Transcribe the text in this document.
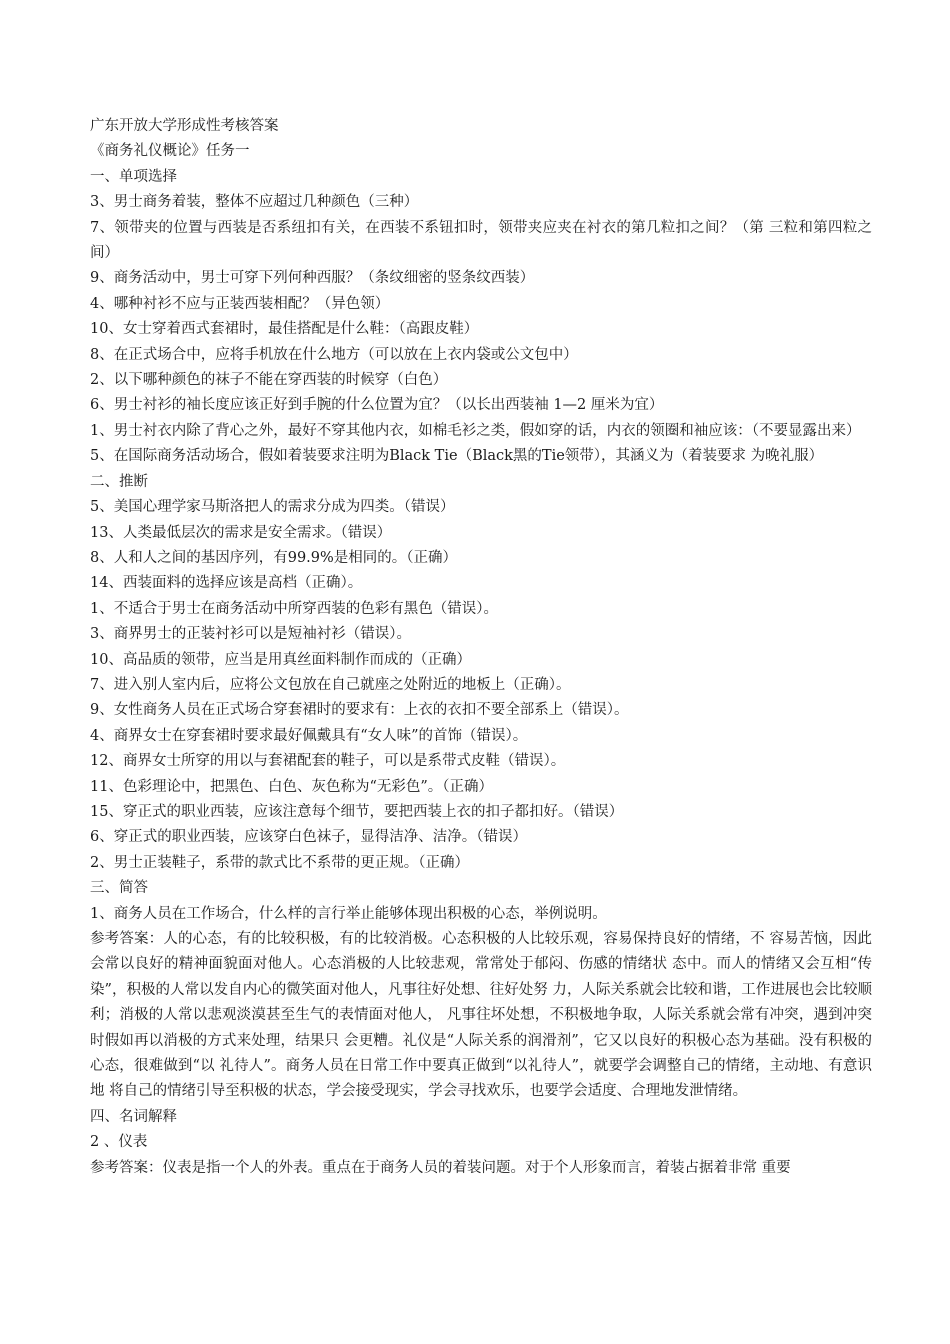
广东开放大学形成性考核答案

《商务礼仪概论》任务一

一、单项选择

3、男士商务着装，整体不应超过几种颜色（三种）

7、领带夹的位置与西装是否系纽扣有关，在西装不系钮扣时，领带夹应夹在衬衣的第几粒扣之间？（第 三粒和第四粒之间）

9、商务活动中，男士可穿下列何种西服？（条纹细密的竖条纹西装）

4、哪种衬衫不应与正装西装相配？（异色领）

10、女士穿着西式套裙时，最佳搭配是什么鞋：（高跟皮鞋）

8、在正式场合中，应将手机放在什么地方（可以放在上衣内袋或公文包中）

2、以下哪种颜色的袜子不能在穿西装的时候穿（白色）

6、男士衬衫的袖长度应该正好到手腕的什么位置为宜？（以长出西装袖 1—2 厘米为宜）

1、男士衬衣内除了背心之外，最好不穿其他内衣，如棉毛衫之类，假如穿的话，内衣的领圈和袖应该：（不要显露出来）

5、在国际商务活动场合，假如着装要求注明为Black Tie（Black黑的Tie领带），其涵义为（着装要求 为晚礼服）

二、推断

5、美国心理学家马斯洛把人的需求分成为四类。（错误）

13、人类最低层次的需求是安全需求。（错误）

8、人和人之间的基因序列，有99.9%是相同的。（正确）

14、西装面料的选择应该是高档（正确）。

1、不适合于男士在商务活动中所穿西装的色彩有黑色（错误）。

3、商界男士的正装衬衫可以是短袖衬衫（错误）。

10、高品质的领带，应当是用真丝面料制作而成的（正确）

7、进入别人室内后，应将公文包放在自己就座之处附近的地板上（正确）。

9、女性商务人员在正式场合穿套裙时的要求有：上衣的衣扣不要全部系上（错误）。

4、商界女士在穿套裙时要求最好佩戴具有“女人味”的首饰（错误）。

12、商界女士所穿的用以与套裙配套的鞋子，可以是系带式皮鞋（错误）。

11、色彩理论中，把黑色、白色、灰色称为“无彩色”。（正确）

15、穿正式的职业西装，应该注意每个细节，要把西装上衣的扣子都扣好。（错误）

6、穿正式的职业西装，应该穿白色袜子，显得洁净、洁净。（错误）

2、男士正装鞋子，系带的款式比不系带的更正规。（正确）

三、简答

1、商务人员在工作场合，什么样的言行举止能够体现出积极的心态，举例说明。

参考答案：人的心态，有的比较积极，有的比较消极。心态积极的人比较乐观，容易保持良好的情绪，不 容易苦恼，因此会常以良好的精神面貌面对他人。心态消极的人比较悲观，常常处于郁闷、伤感的情绪状 态中。而人的情绪又会互相“传染”，积极的人常以发自内心的微笑面对他人，凡事往好处想、往好处努 力，人际关系就会比较和谐，工作进展也会比较顺利；消极的人常以悲观淡漠甚至生气的表情面对他人， 凡事往坏处想，不积极地争取，人际关系就会常有冲突，遇到冲突时假如再以消极的方式来处理，结果只 会更糟。礼仪是“人际关系的润滑剂”，它又以良好的积极心态为基础。没有积极的心态，很难做到“以 礼待人”。商务人员在日常工作中要真正做到“以礼待人”，就要学会调整自己的情绪，主动地、有意识地 将自己的情绪引导至积极的状态，学会接受现实，学会寻找欢乐，也要学会适度、合理地发泄情绪。

四、名词解释

2 、仪表

参考答案：仪表是指一个人的外表。重点在于商务人员的着装问题。对于个人形象而言，着装占据着非常 重要
